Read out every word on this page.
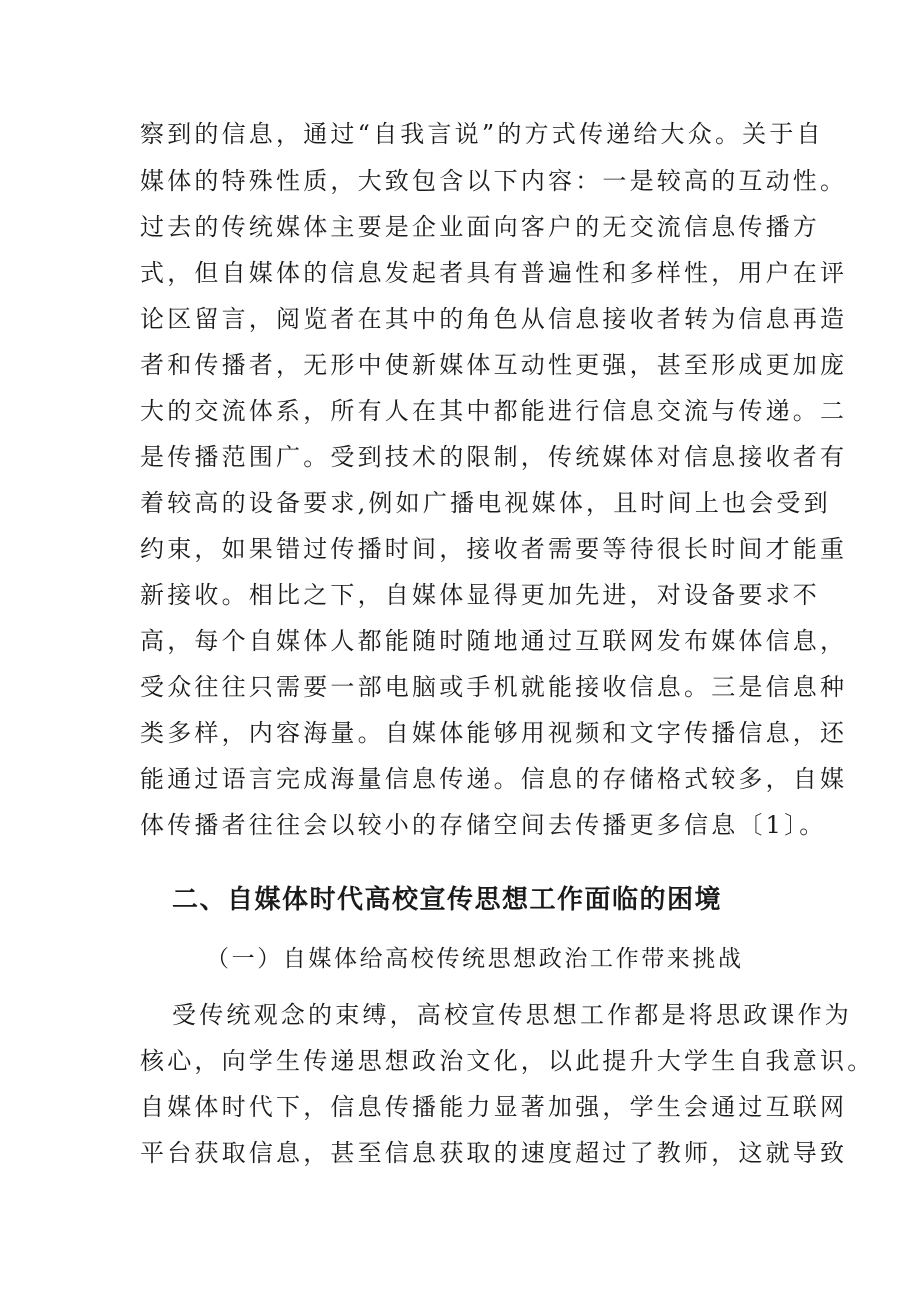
察到的信息，通过“自我言说”的方式传递给大众。关于自
媒体的特殊性质，大致包含以下内容：一是较高的互动性。
过去的传统媒体主要是企业面向客户的无交流信息传播方
式，但自媒体的信息发起者具有普遍性和多样性，用户在评
论区留言，阅览者在其中的角色从信息接收者转为信息再造
者和传播者，无形中使新媒体互动性更强，甚至形成更加庞
大的交流体系，所有人在其中都能进行信息交流与传递。二
是传播范围广。受到技术的限制，传统媒体对信息接收者有
着较高的设备要求,例如广播电视媒体，且时间上也会受到
约束，如果错过传播时间，接收者需要等待很长时间才能重
新接收。相比之下，自媒体显得更加先进，对设备要求不
高，每个自媒体人都能随时随地通过互联网发布媒体信息，
受众往往只需要一部电脑或手机就能接收信息。三是信息种
类多样，内容海量。自媒体能够用视频和文字传播信息，还
能通过语言完成海量信息传递。信息的存储格式较多，自媒
体传播者往往会以较小的存储空间去传播更多信息〔1〕。
二、自媒体时代高校宣传思想工作面临的困境
（一）自媒体给高校传统思想政治工作带来挑战
受传统观念的束缚，高校宣传思想工作都是将思政课作为
核心，向学生传递思想政治文化，以此提升大学生自我意识。
自媒体时代下，信息传播能力显著加强，学生会通过互联网
平台获取信息，甚至信息获取的速度超过了教师，这就导致
